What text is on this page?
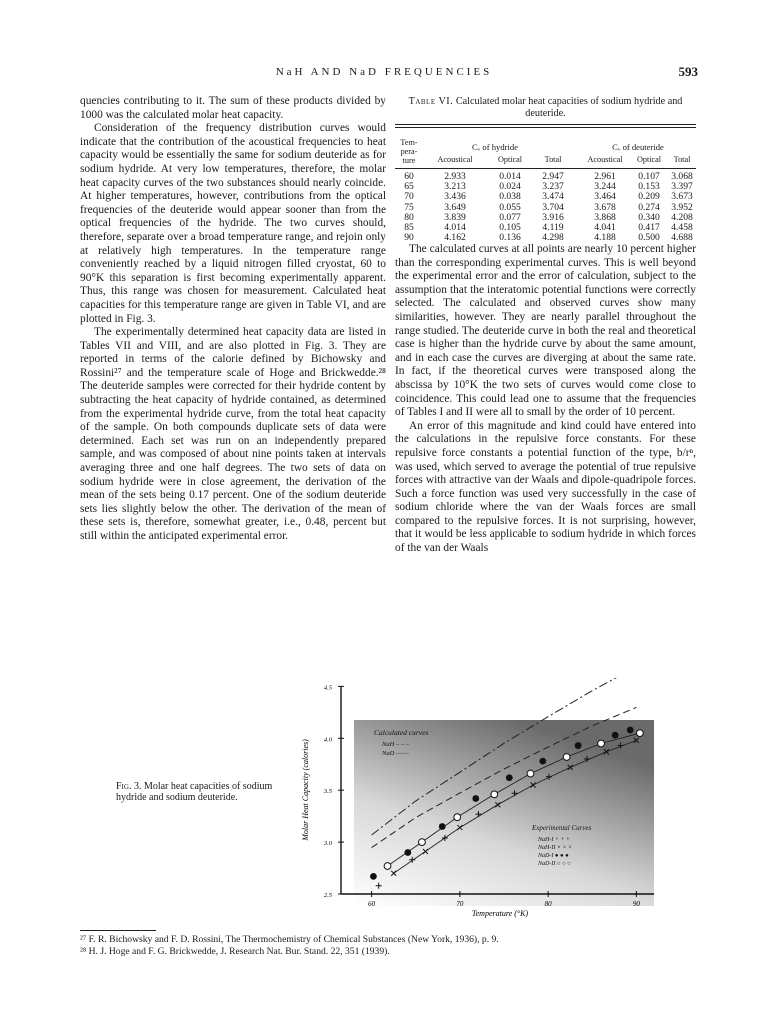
NaH AND NaD FREQUENCIES	593

quencies contributing to it. The sum of these products divided by 1000 was the calculated molar heat capacity.

Consideration of the frequency distribution curves would indicate that the contribution of the acoustical frequencies to heat capacity would be essentially the same for sodium deuteride as for sodium hydride. At very low temperatures, therefore, the molar heat capacity curves of the two substances should nearly coincide. At higher temperatures, however, contributions from the optical frequencies of the deuteride would appear sooner than from the optical frequencies of the hydride. The two curves should, therefore, separate over a broad temperature range, and rejoin only at relatively high temperatures. In the temperature range conveniently reached by a liquid nitrogen filled cryostat, 60 to 90°K this separation is first becoming experimentally apparent. Thus, this range was chosen for measurement. Calculated heat capacities for this temperature range are given in Table VI, and are plotted in Fig. 3.

The experimentally determined heat capacity data are listed in Tables VII and VIII, and are also plotted in Fig. 3. They are reported in terms of the calorie defined by Bichowsky and Rossini²⁷ and the temperature scale of Hoge and Brickwedde.²⁸ The deuteride samples were corrected for their hydride content by subtracting the heat capacity of hydride contained, as determined from the experimental hydride curve, from the total heat capacity of the sample. On both compounds duplicate sets of data were determined. Each set was run on an independently prepared sample, and was composed of about nine points taken at intervals averaging three and one half degrees. The two sets of data on sodium hydride were in close agreement, the derivation of the mean of the sets being 0.17 percent. One of the sodium deuteride sets lies slightly below the other. The derivation of the mean of these sets is, therefore, somewhat greater, i.e., 0.48, percent but still within the anticipated experimental error.

Table VI. Calculated molar heat capacities of sodium hydride and deuteride.
Tem-
pera-
ture
Cᵥ of hydride	Cᵥ of deuteride
Acoustical	Optical	Total	Acoustical	Optical	Total
60	2.933	0.014	2.947	2.961	0.107	3.068
65	3.213	0.024	3.237	3.244	0.153	3.397
70	3.436	0.038	3.474	3.464	0.209	3.673
75	3.649	0.055	3.704	3.678	0.274	3.952
80	3.839	0.077	3.916	3.868	0.340	4.208
85	4.014	0.105	4.119	4.041	0.417	4.458
90	4.162	0.136	4.298	4.188	0.500	4.688

The calculated curves at all points are nearly 10 percent higher than the corresponding experimental curves. This is well beyond the experimental error and the error of calculation, subject to the assumption that the interatomic potential functions were correctly selected. The calculated and observed curves show many similarities, however. They are nearly parallel throughout the range studied. The deuteride curve in both the real and theoretical case is higher than the hydride curve by about the same amount, and in each case the curves are diverging at about the same rate. In fact, if the theoretical curves were transposed along the abscissa by 10°K the two sets of curves would come close to coincidence. This could lead one to assume that the frequencies of Tables I and II were all to small by the order of 10 percent.

An error of this magnitude and kind could have entered into the calculations in the repulsive force constants. For these repulsive force constants a potential function of the type, b/rⁿ, was used, which served to average the potential of true repulsive forces with attractive van der Waals and dipole-quadripole forces. Such a force function was used very successfully in the case of sodium chloride where the van der Waals forces are small compared to the repulsive forces. It is not surprising, however, that it would be less applicable to sodium hydride in which forces of the van der Waals

Fig. 3. Molar heat capacities of sodium hydride and sodium deuteride.
2.5
3.0
3.5
4.0
4.5
60	70	80	90
Molar Heat Capacity (calories)
Temperature (°K)
Calculated curves
NaH – – –
NaD –·–·–
Experimental Curves
NaH-I + + +
NaH-II × × ×
NaD-I ● ● ●
NaD-II ○ ○ ○
²⁷ F. R. Bichowsky and F. D. Rossini, The Thermochemistry of Chemical Substances (New York, 1936), p. 9.
²⁸ H. J. Hoge and F. G. Brickwedde, J. Research Nat. Bur. Stand. 22, 351 (1939).
